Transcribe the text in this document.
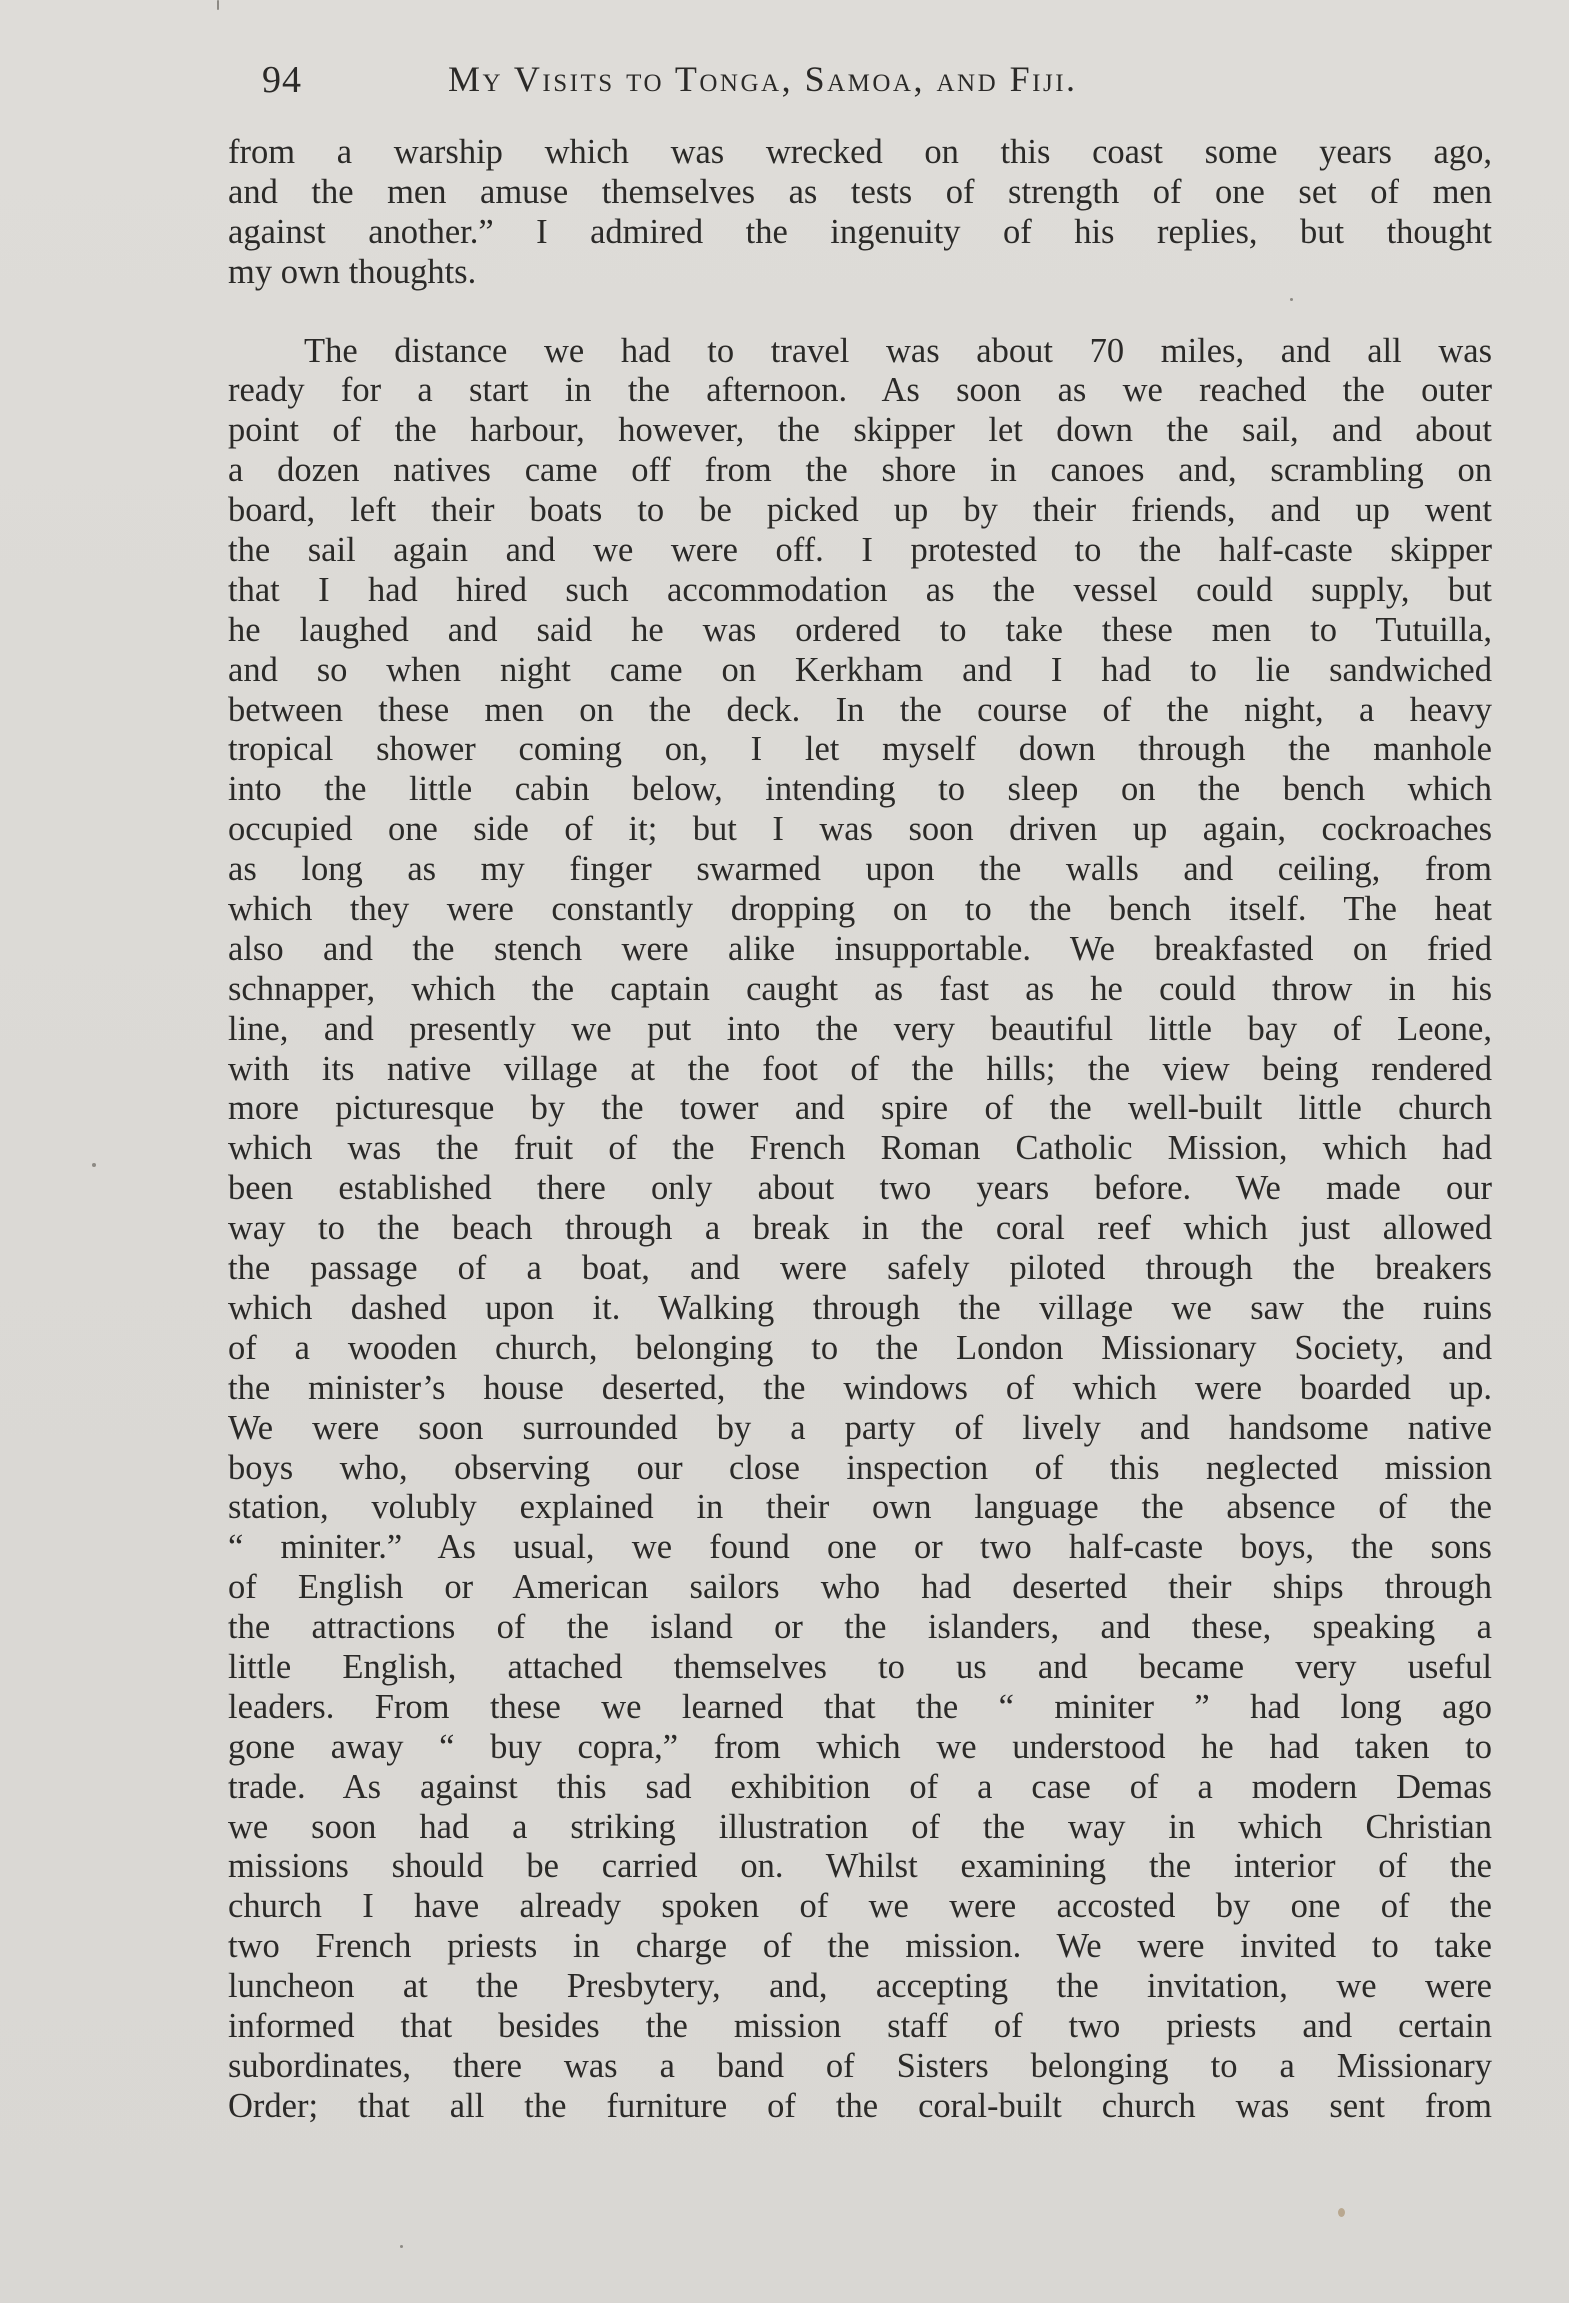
94	My Visits to Tonga, Samoa, and Fiji.
from a warship which was wrecked on this coast some years ago,
and the men amuse themselves as tests of strength of one set of men
against another.” I admired the ingenuity of his replies, but thought
my own thoughts.
The distance we had to travel was about 70 miles, and all was
ready for a start in the afternoon. As soon as we reached the outer
point of the harbour, however, the skipper let down the sail, and about
a dozen natives came off from the shore in canoes and, scrambling on
board, left their boats to be picked up by their friends, and up went
the sail again and we were off. I protested to the half-caste skipper
that I had hired such accommodation as the vessel could supply, but
he laughed and said he was ordered to take these men to Tutuilla,
and so when night came on Kerkham and I had to lie sandwiched
between these men on the deck. In the course of the night, a heavy
tropical shower coming on, I let myself down through the manhole
into the little cabin below, intending to sleep on the bench which
occupied one side of it; but I was soon driven up again, cockroaches
as long as my finger swarmed upon the walls and ceiling, from
which they were constantly dropping on to the bench itself. The heat
also and the stench were alike insupportable. We breakfasted on fried
schnapper, which the captain caught as fast as he could throw in his
line, and presently we put into the very beautiful little bay of Leone,
with its native village at the foot of the hills; the view being rendered
more picturesque by the tower and spire of the well-built little church
which was the fruit of the French Roman Catholic Mission, which had
been established there only about two years before. We made our
way to the beach through a break in the coral reef which just allowed
the passage of a boat, and were safely piloted through the breakers
which dashed upon it. Walking through the village we saw the ruins
of a wooden church, belonging to the London Missionary Society, and
the minister’s house deserted, the windows of which were boarded up.
We were soon surrounded by a party of lively and handsome native
boys who, observing our close inspection of this neglected mission
station, volubly explained in their own language the absence of the
“ miniter.” As usual, we found one or two half-caste boys, the sons
of English or American sailors who had deserted their ships through
the attractions of the island or the islanders, and these, speaking a
little English, attached themselves to us and became very useful
leaders. From these we learned that the “ miniter ” had long ago
gone away “ buy copra,” from which we understood he had taken to
trade. As against this sad exhibition of a case of a modern Demas
we soon had a striking illustration of the way in which Christian
missions should be carried on. Whilst examining the interior of the
church I have already spoken of we were accosted by one of the
two French priests in charge of the mission. We were invited to take
luncheon at the Presbytery, and, accepting the invitation, we were
informed that besides the mission staff of two priests and certain
subordinates, there was a band of Sisters belonging to a Missionary
Order; that all the furniture of the coral-built church was sent from
